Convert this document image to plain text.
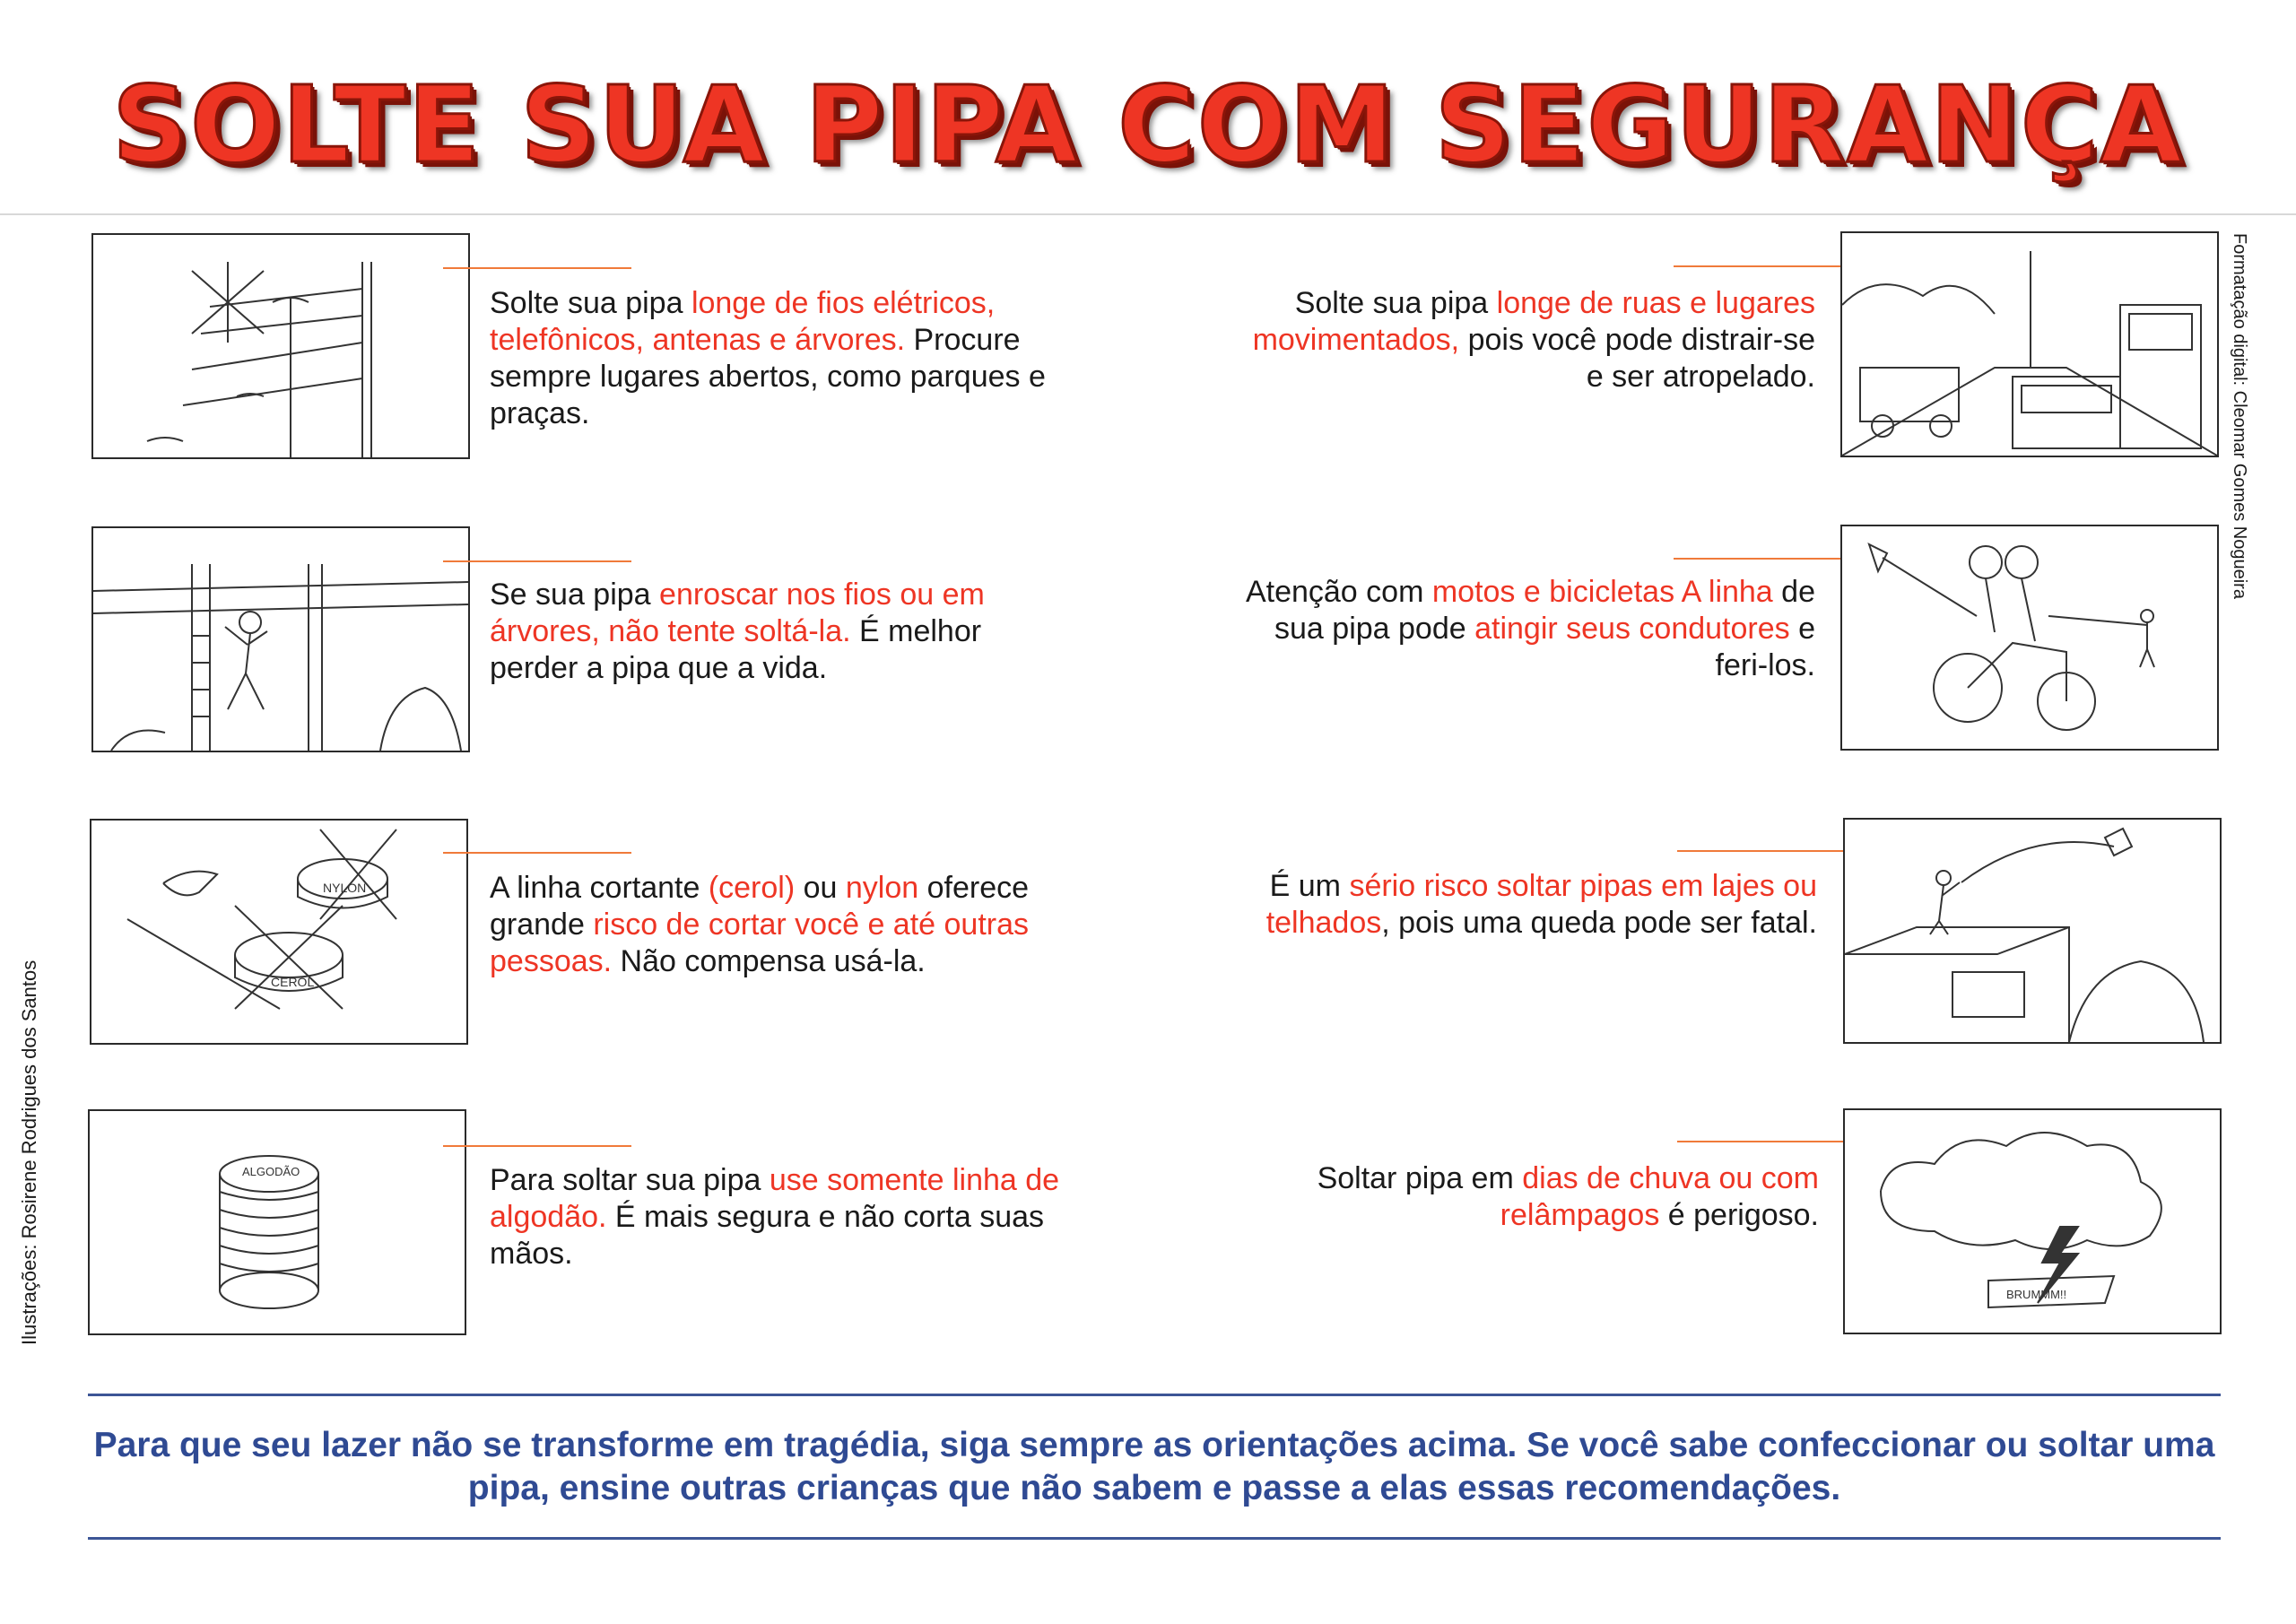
SOLTE SUA PIPA COM SEGURANÇA
Solte sua pipa longe de fios elétricos, telefônicos, antenas e árvores. Procure sempre lugares abertos, como parques e praças.
Se sua pipa enroscar nos fios ou em árvores, não tente soltá-la. É melhor perder a pipa que a vida.
NYLON
CEROL
A linha cortante (cerol) ou nylon oferece grande risco de cortar você e até outras pessoas. Não compensa usá-la.
ALGODÃO	Para soltar sua pipa use somente linha de algodão. É mais segura e não corta suas mãos.
Solte sua pipa longe de ruas e lugares movimentados, pois você pode distrair-se e ser atropelado.
Atenção com motos e bicicletas A linha de sua pipa pode atingir seus condutores e feri-los.
É um sério risco soltar pipas em lajes ou telhados, pois uma queda pode ser fatal.
Soltar pipa em dias de chuva ou com relâmpagos é perigoso.
BRUMMM!!
Ilustrações: Rosirene Rodrigues dos Santos
Formatação digital: Cleomar Gomes Nogueira
Para que seu lazer não se transforme em tragédia, siga sempre as orientações acima. Se você sabe confeccionar ou soltar uma pipa, ensine outras crianças que não sabem e passe a elas essas recomendações.
